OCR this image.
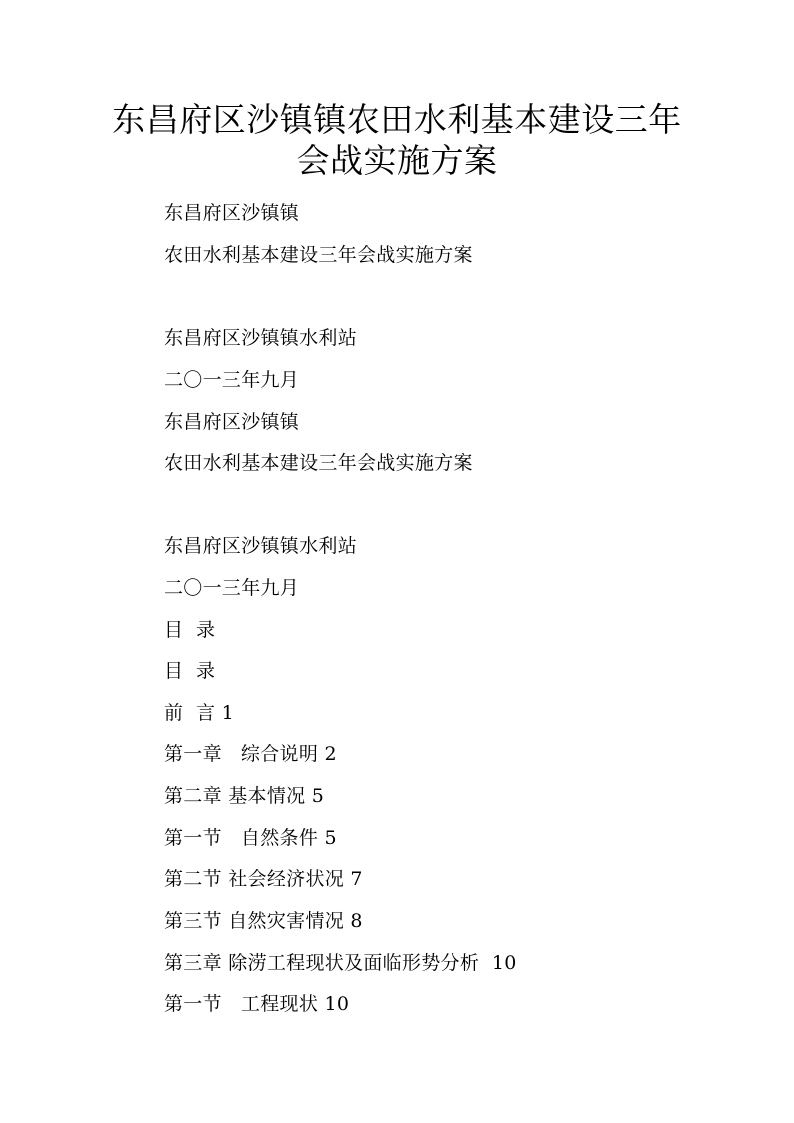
东昌府区沙镇镇农田水利基本建设三年
会战实施方案
东昌府区沙镇镇
农田水利基本建设三年会战实施方案
东昌府区沙镇镇水利站
二〇一三年九月
东昌府区沙镇镇
农田水利基本建设三年会战实施方案
东昌府区沙镇镇水利站
二〇一三年九月
目  录
目  录
前  言 1
第一章   综合说明 2
第二章 基本情况 5
第一节   自然条件 5
第二节 社会经济状况 7
第三节 自然灾害情况 8
第三章 除涝工程现状及面临形势分析  10
第一节   工程现状 10
